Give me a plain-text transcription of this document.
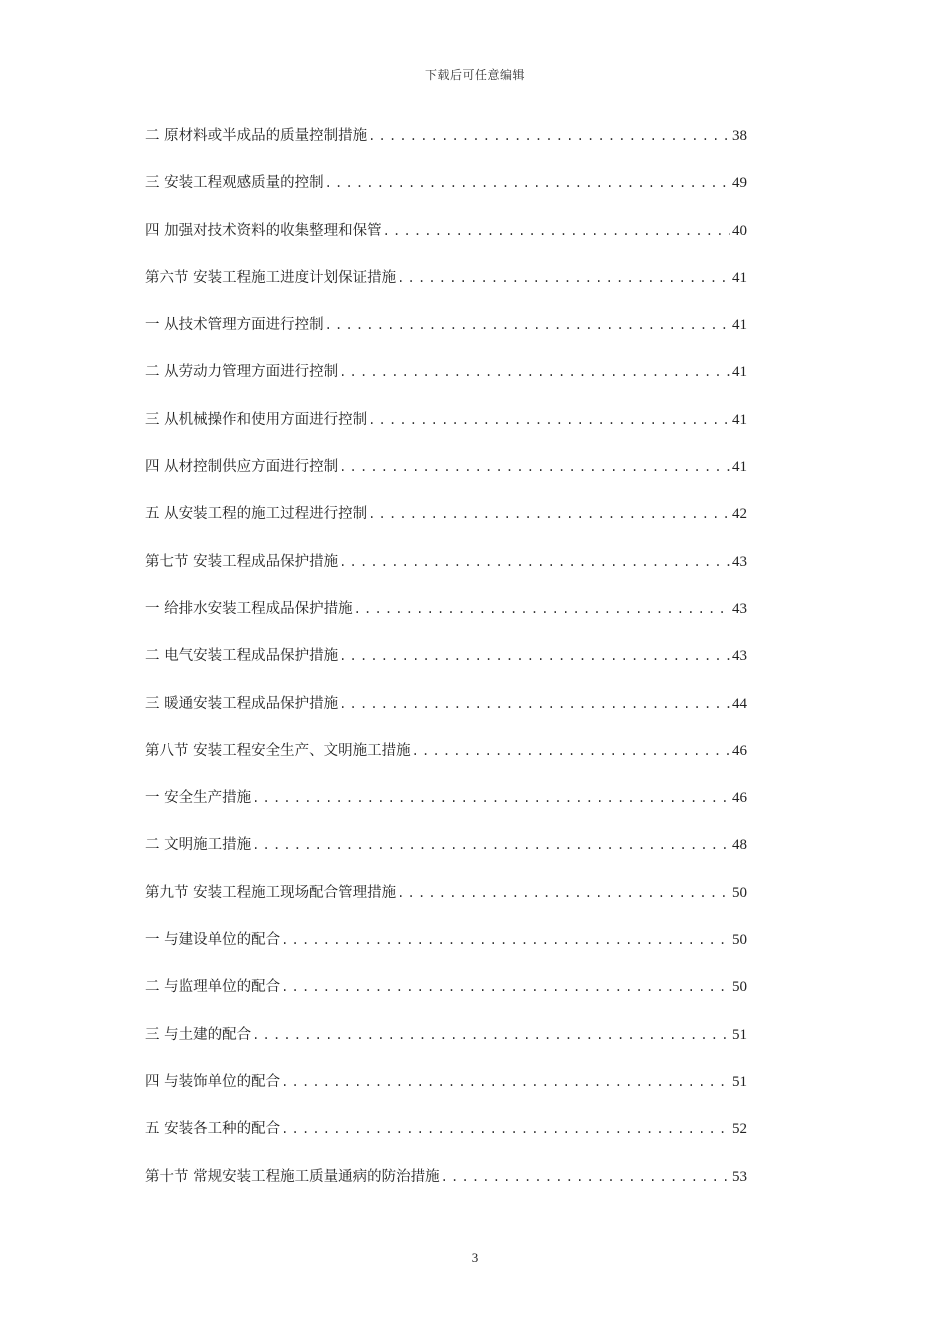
下载后可任意编辑
二 原材料或半成品的质量控制措施 .....	38
三 安装工程观感质量的控制 .....	49
四 加强对技术资料的收集整理和保管 .....	40
第六节 安装工程施工进度计划保证措施 .....	41
一 从技术管理方面进行控制 .....	41
二 从劳动力管理方面进行控制 .....	41
三 从机械操作和使用方面进行控制 .....	41
四 从材控制供应方面进行控制 .....	41
五 从安装工程的施工过程进行控制 .....	42
第七节 安装工程成品保护措施 .....	43
一 给排水安装工程成品保护措施 .....	43
二 电气安装工程成品保护措施 .....	43
三 暖通安装工程成品保护措施 .....	44
第八节 安装工程安全生产、文明施工措施 .....	46
一 安全生产措施 .....	46
二 文明施工措施 .....	48
第九节 安装工程施工现场配合管理措施 .....	50
一 与建设单位的配合 .....	50
二 与监理单位的配合 .....	50
三 与土建的配合 .....	51
四 与装饰单位的配合 .....	51
五 安装各工种的配合 .....	52
第十节 常规安装工程施工质量通病的防治措施 .....	53
3
